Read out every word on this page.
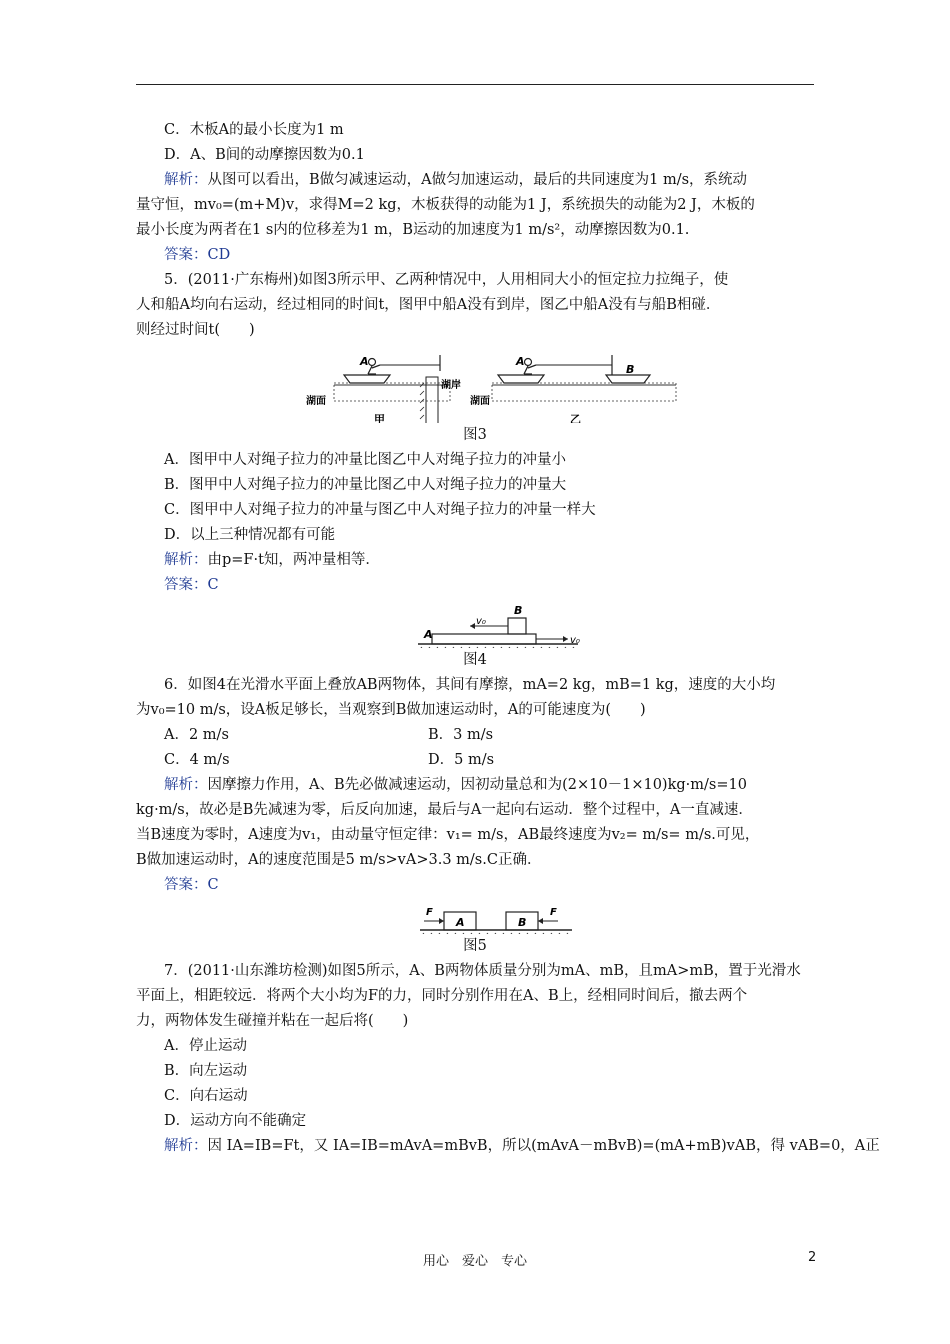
C．木板A的最小长度为1 m
D．A、B间的动摩擦因数为0.1
解析：从图可以看出，B做匀减速运动，A做匀加速运动，最后的共同速度为1 m/s，系统动
量守恒，mv₀=(m+M)v，求得M=2 kg，木板获得的动能为1 J，系统损失的动能为2 J，木板的
最小长度为两者在1 s内的位移差为1 m，B运动的加速度为1 m/s²，动摩擦因数为0.1.
答案：CD
5．(2011·广东梅州)如图3所示甲、乙两种情况中，人用相同大小的恒定拉力拉绳子，使
人和船A均向右运动，经过相同的时间t，图甲中船A没有到岸，图乙中船A没有与船B相碰．
则经过时间t(　　)
A
湖岸
湖面
甲
A
B
湖面
乙
图3
A．图甲中人对绳子拉力的冲量比图乙中人对绳子拉力的冲量小
B．图甲中人对绳子拉力的冲量比图乙中人对绳子拉力的冲量大
C．图甲中人对绳子拉力的冲量与图乙中人对绳子拉力的冲量一样大
D．以上三种情况都有可能
解析：由p=F·t知，两冲量相等．
答案：C
A
B
v₀
v₀
图4
6．如图4在光滑水平面上叠放AB两物体，其间有摩擦，mA=2 kg，mB=1 kg，速度的大小均
为v₀=10 m/s，设A板足够长，当观察到B做加速运动时，A的可能速度为(　　)
A．2 m/s	B．3 m/s
C．4 m/s	D．5 m/s
解析：因摩擦力作用，A、B先必做减速运动，因初动量总和为(2×10－1×10)kg·m/s=10
kg·m/s，故必是B先减速为零，后反向加速，最后与A一起向右运动．整个过程中，A一直减速．
当B速度为零时，A速度为v₁，由动量守恒定律：v₁= m/s，AB最终速度为v₂= m/s= m/s.可见，
B做加速运动时，A的速度范围是5 m/s>vA>3.3 m/s.C正确．
答案：C
F
A	B
F
图5
7．(2011·山东潍坊检测)如图5所示，A、B两物体质量分别为mA、mB，且mA>mB，置于光滑水
平面上，相距较远．将两个大小均为F的力，同时分别作用在A、B上，经相同时间后，撤去两个
力，两物体发生碰撞并粘在一起后将(　　)
A．停止运动
B．向左运动
C．向右运动
D．运动方向不能确定
解析：因 IA=IB=Ft，又 IA=IB=mAvA=mBvB，所以(mAvA－mBvB)=(mA+mB)vAB，得 vAB=0，A正
用心　爱心　专心	2
